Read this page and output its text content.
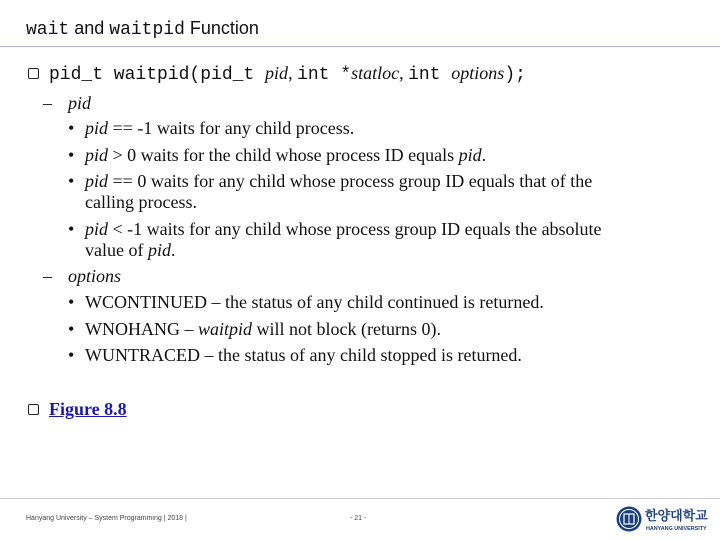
wait and waitpid Function
pid_t waitpid(pid_t pid, int *statloc, int options);
– pid
• pid == -1 waits for any child process.
• pid > 0 waits for the child whose process ID equals pid.
• pid == 0 waits for any child whose process group ID equals that of the
calling process.
• pid < -1 waits for any child whose process group ID equals the absolute
value of pid.
– options
• WCONTINUED – the status of any child continued is returned.
• WNOHANG – waitpid will not block (returns 0).
• WUNTRACED – the status of any child stopped is returned.
Figure 8.8
Hanyang University – System Programming | 2018 |	- 21 -	한양대학교
HANYANG UNIVERSITY
